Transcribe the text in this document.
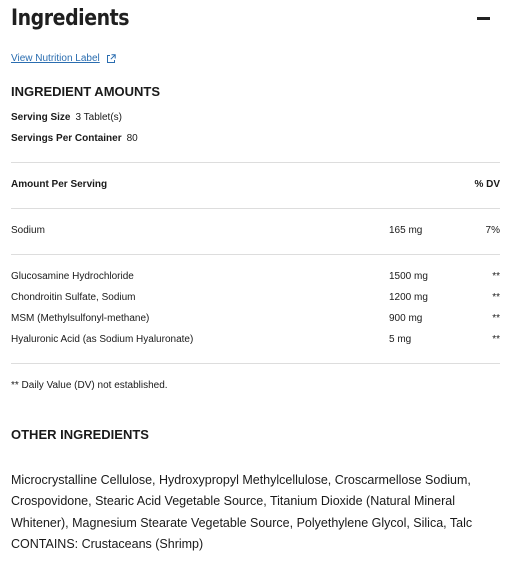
Ingredients
View Nutrition Label
INGREDIENT AMOUNTS
Serving Size 3 Tablet(s)
Servings Per Container 80
Amount Per Serving	% DV
Sodium	165 mg	7%
Glucosamine Hydrochloride	1500 mg	**
Chondroitin Sulfate, Sodium	1200 mg	**
MSM (Methylsulfonyl-methane)	900 mg	**
Hyaluronic Acid (as Sodium Hyaluronate)	5 mg	**
** Daily Value (DV) not established.
OTHER INGREDIENTS

Microcrystalline Cellulose, Hydroxypropyl Methylcellulose, Croscarmellose Sodium,
Crospovidone, Stearic Acid Vegetable Source, Titanium Dioxide (Natural Mineral
Whitener), Magnesium Stearate Vegetable Source, Polyethylene Glycol, Silica, Talc
CONTAINS: Crustaceans (Shrimp)
